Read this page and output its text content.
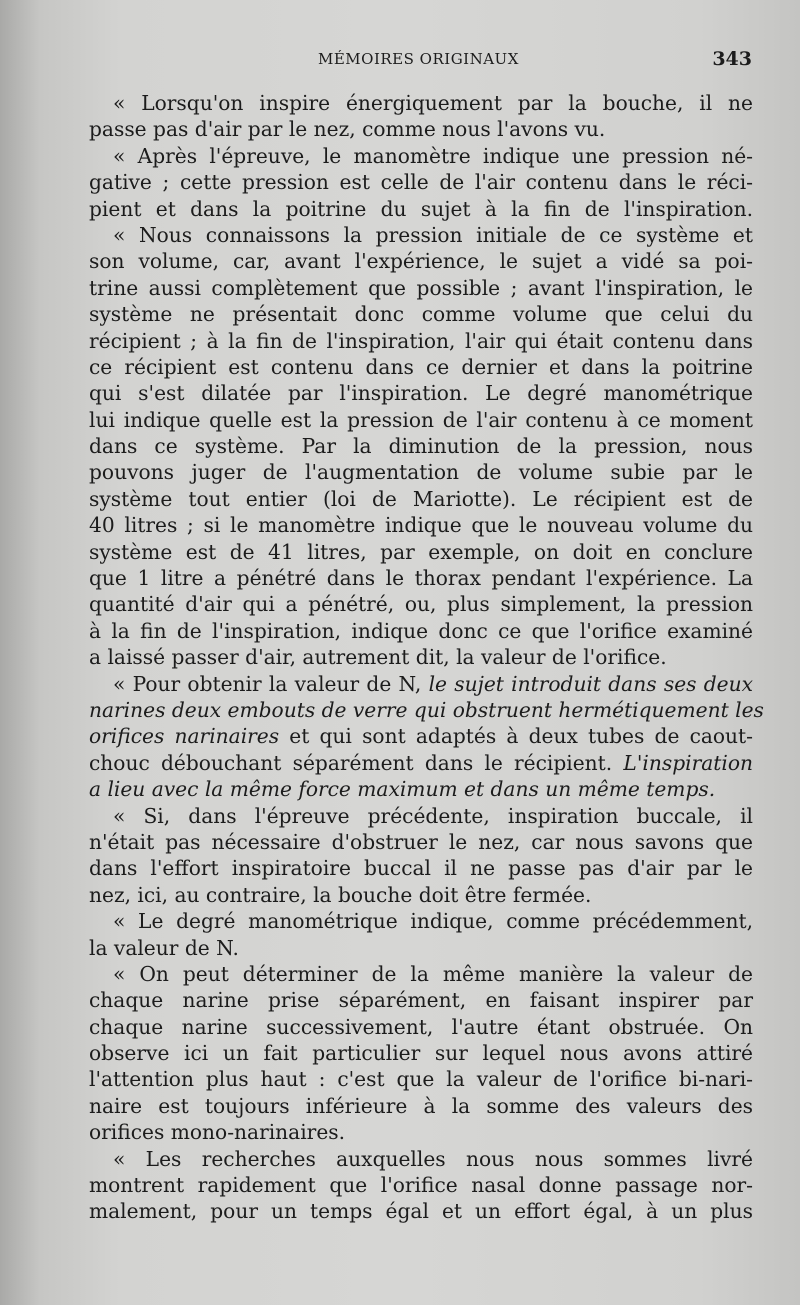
MÉMOIRES ORIGINAUX	343
« Lorsqu'on inspire énergiquement par la bouche, il ne
passe pas d'air par le nez, comme nous l'avons vu.
« Après l'épreuve, le manomètre indique une pression né-
gative ; cette pression est celle de l'air contenu dans le réci-
pient et dans la poitrine du sujet à la fin de l'inspiration.
« Nous connaissons la pression initiale de ce système et
son volume, car, avant l'expérience, le sujet a vidé sa poi-
trine aussi complètement que possible ; avant l'inspiration, le
système ne présentait donc comme volume que celui du
récipient ; à la fin de l'inspiration, l'air qui était contenu dans
ce récipient est contenu dans ce dernier et dans la poitrine
qui s'est dilatée par l'inspiration. Le degré manométrique
lui indique quelle est la pression de l'air contenu à ce moment
dans ce système. Par la diminution de la pression, nous
pouvons juger de l'augmentation de volume subie par le
système tout entier (loi de Mariotte). Le récipient est de
40 litres ; si le manomètre indique que le nouveau volume du
système est de 41 litres, par exemple, on doit en conclure
que 1 litre a pénétré dans le thorax pendant l'expérience. La
quantité d'air qui a pénétré, ou, plus simplement, la pression
à la fin de l'inspiration, indique donc ce que l'orifice examiné
a laissé passer d'air, autrement dit, la valeur de l'orifice.
« Pour obtenir la valeur de N, le sujet introduit dans ses deux
narines deux embouts de verre qui obstruent hermétiquement les
orifices narinaires et qui sont adaptés à deux tubes de caout-
chouc débouchant séparément dans le récipient. L'inspiration
a lieu avec la même force maximum et dans un même temps.
« Si, dans l'épreuve précédente, inspiration buccale, il
n'était pas nécessaire d'obstruer le nez, car nous savons que
dans l'effort inspiratoire buccal il ne passe pas d'air par le
nez, ici, au contraire, la bouche doit être fermée.
« Le degré manométrique indique, comme précédemment,
la valeur de N.
« On peut déterminer de la même manière la valeur de
chaque narine prise séparément, en faisant inspirer par
chaque narine successivement, l'autre étant obstruée. On
observe ici un fait particulier sur lequel nous avons attiré
l'attention plus haut : c'est que la valeur de l'orifice bi-nari-
naire est toujours inférieure à la somme des valeurs des
orifices mono-narinaires.
« Les recherches auxquelles nous nous sommes livré
montrent rapidement que l'orifice nasal donne passage nor-
malement, pour un temps égal et un effort égal, à un plus
